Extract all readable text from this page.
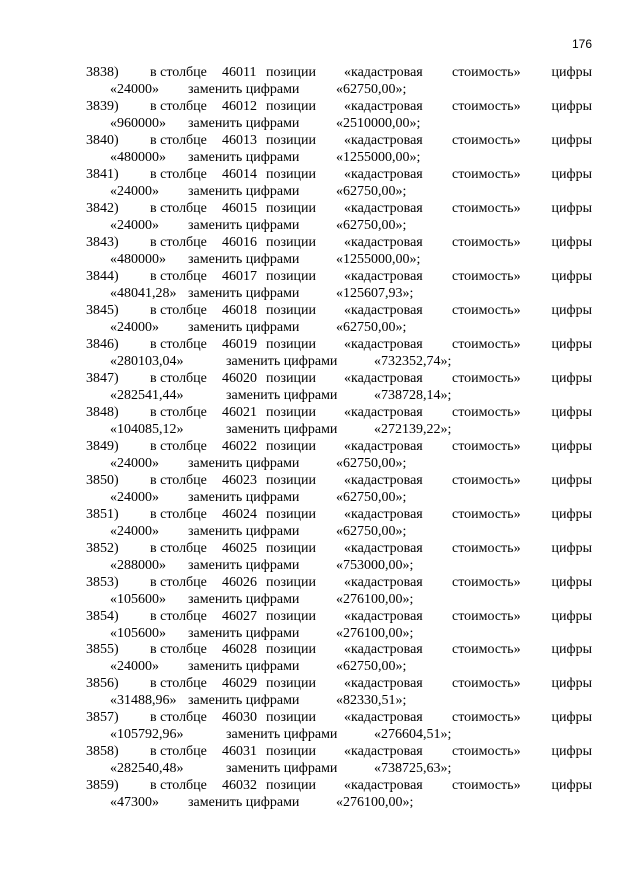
176
3838) в столбце 46011 позиции «кадастровая стоимость» цифры
«24000» заменить цифрами	«62750,00»;
3839) в столбце 46012 позиции «кадастровая стоимость» цифры
«960000» заменить цифрами	«2510000,00»;
3840) в столбце 46013 позиции «кадастровая стоимость» цифры
«480000» заменить цифрами	«1255000,00»;
3841) в столбце 46014 позиции «кадастровая стоимость» цифры
«24000» заменить цифрами	«62750,00»;
3842) в столбце 46015 позиции «кадастровая стоимость» цифры
«24000» заменить цифрами	«62750,00»;
3843) в столбце 46016 позиции «кадастровая стоимость» цифры
«480000» заменить цифрами	«1255000,00»;
3844) в столбце 46017 позиции «кадастровая стоимость» цифры
«48041,28» заменить цифрами	«125607,93»;
3845) в столбце 46018 позиции «кадастровая стоимость» цифры
«24000» заменить цифрами	«62750,00»;
3846) в столбце 46019 позиции «кадастровая стоимость» цифры
«280103,04»	заменить цифрами	«732352,74»;
3847) в столбце 46020 позиции «кадастровая стоимость» цифры
«282541,44»	заменить цифрами	«738728,14»;
3848) в столбце 46021 позиции «кадастровая стоимость» цифры
«104085,12»	заменить цифрами	«272139,22»;
3849) в столбце 46022 позиции «кадастровая стоимость» цифры
«24000» заменить цифрами	«62750,00»;
3850) в столбце 46023 позиции «кадастровая стоимость» цифры
«24000» заменить цифрами	«62750,00»;
3851) в столбце 46024 позиции «кадастровая стоимость» цифры
«24000» заменить цифрами	«62750,00»;
3852) в столбце 46025 позиции «кадастровая стоимость» цифры
«288000» заменить цифрами	«753000,00»;
3853) в столбце 46026 позиции «кадастровая стоимость» цифры
«105600» заменить цифрами	«276100,00»;
3854) в столбце 46027 позиции «кадастровая стоимость» цифры
«105600» заменить цифрами	«276100,00»;
3855) в столбце 46028 позиции «кадастровая стоимость» цифры
«24000» заменить цифрами	«62750,00»;
3856) в столбце 46029 позиции «кадастровая стоимость» цифры
«31488,96» заменить цифрами	«82330,51»;
3857) в столбце 46030 позиции «кадастровая стоимость» цифры
«105792,96»	заменить цифрами	«276604,51»;
3858) в столбце 46031 позиции «кадастровая стоимость» цифры
«282540,48»	заменить цифрами	«738725,63»;
3859) в столбце 46032 позиции «кадастровая стоимость» цифры
«47300» заменить цифрами	«276100,00»;
